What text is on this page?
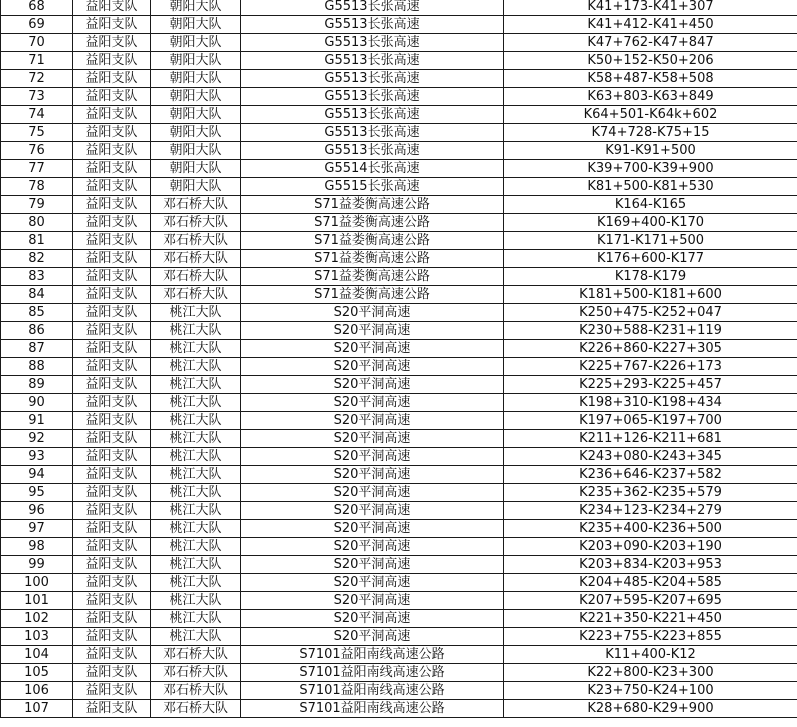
68	益阳支队	朝阳大队	G5513长张高速	K41+173-K41+307
69	益阳支队	朝阳大队	G5513长张高速	K41+412-K41+450
70	益阳支队	朝阳大队	G5513长张高速	K47+762-K47+847
71	益阳支队	朝阳大队	G5513长张高速	K50+152-K50+206
72	益阳支队	朝阳大队	G5513长张高速	K58+487-K58+508
73	益阳支队	朝阳大队	G5513长张高速	K63+803-K63+849
74	益阳支队	朝阳大队	G5513长张高速	K64+501-K64k+602
75	益阳支队	朝阳大队	G5513长张高速	K74+728-K75+15
76	益阳支队	朝阳大队	G5513长张高速	K91-K91+500
77	益阳支队	朝阳大队	G5514长张高速	K39+700-K39+900
78	益阳支队	朝阳大队	G5515长张高速	K81+500-K81+530
79	益阳支队	邓石桥大队	S71益娄衡高速公路	K164-K165
80	益阳支队	邓石桥大队	S71益娄衡高速公路	K169+400-K170
81	益阳支队	邓石桥大队	S71益娄衡高速公路	K171-K171+500
82	益阳支队	邓石桥大队	S71益娄衡高速公路	K176+600-K177
83	益阳支队	邓石桥大队	S71益娄衡高速公路	K178-K179
84	益阳支队	邓石桥大队	S71益娄衡高速公路	K181+500-K181+600
85	益阳支队	桃江大队	S20平洞高速	K250+475-K252+047
86	益阳支队	桃江大队	S20平洞高速	K230+588-K231+119
87	益阳支队	桃江大队	S20平洞高速	K226+860-K227+305
88	益阳支队	桃江大队	S20平洞高速	K225+767-K226+173
89	益阳支队	桃江大队	S20平洞高速	K225+293-K225+457
90	益阳支队	桃江大队	S20平洞高速	K198+310-K198+434
91	益阳支队	桃江大队	S20平洞高速	K197+065-K197+700
92	益阳支队	桃江大队	S20平洞高速	K211+126-K211+681
93	益阳支队	桃江大队	S20平洞高速	K243+080-K243+345
94	益阳支队	桃江大队	S20平洞高速	K236+646-K237+582
95	益阳支队	桃江大队	S20平洞高速	K235+362-K235+579
96	益阳支队	桃江大队	S20平洞高速	K234+123-K234+279
97	益阳支队	桃江大队	S20平洞高速	K235+400-K236+500
98	益阳支队	桃江大队	S20平洞高速	K203+090-K203+190
99	益阳支队	桃江大队	S20平洞高速	K203+834-K203+953
100	益阳支队	桃江大队	S20平洞高速	K204+485-K204+585
101	益阳支队	桃江大队	S20平洞高速	K207+595-K207+695
102	益阳支队	桃江大队	S20平洞高速	K221+350-K221+450
103	益阳支队	桃江大队	S20平洞高速	K223+755-K223+855
104	益阳支队	邓石桥大队	S7101益阳南线高速公路	K11+400-K12
105	益阳支队	邓石桥大队	S7101益阳南线高速公路	K22+800-K23+300
106	益阳支队	邓石桥大队	S7101益阳南线高速公路	K23+750-K24+100
107	益阳支队	邓石桥大队	S7101益阳南线高速公路	K28+680-K29+900
